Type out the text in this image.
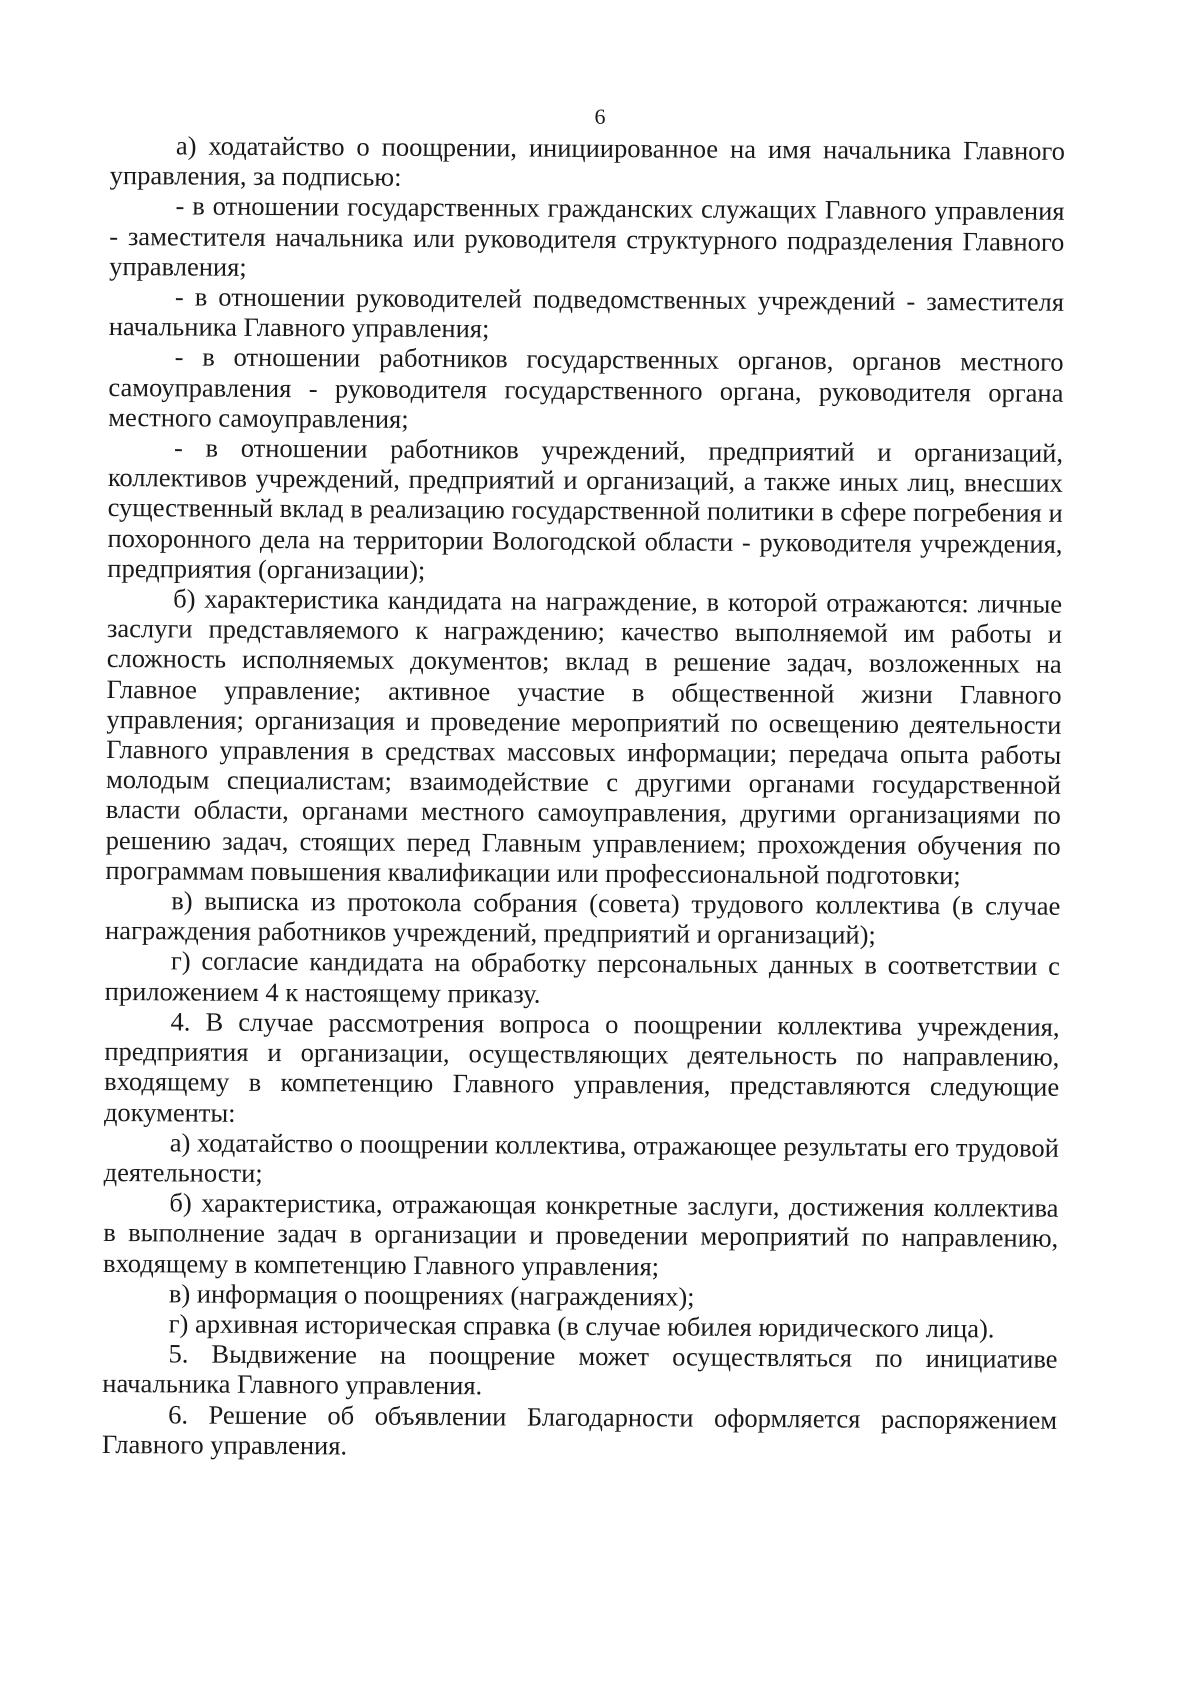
6

а) ходатайство о поощрении, инициированное на имя начальника Главного управления, за подписью:

- в отношении государственных гражданских служащих Главного управления - заместителя начальника или руководителя структурного подразделения Главного управления;

- в отношении руководителей подведомственных учреждений - заместителя начальника Главного управления;

- в отношении работников государственных органов, органов местного самоуправления - руководителя государственного органа, руководителя органа местного самоуправления;

- в отношении работников учреждений, предприятий и организаций, коллективов учреждений, предприятий и организаций, а также иных лиц, внесших существенный вклад в реализацию государственной политики в сфере погребения и похоронного дела на территории Вологодской области - руководителя учреждения, предприятия (организации);

б) характеристика кандидата на награждение, в которой отражаются: личные заслуги представляемого к награждению; качество выполняемой им работы и сложность исполняемых документов; вклад в решение задач, возложенных на Главное управление; активное участие в общественной жизни Главного управления; организация и проведение мероприятий по освещению деятельности Главного управления в средствах массовых информации; передача опыта работы молодым специалистам; взаимодействие с другими органами государственной власти области, органами местного самоуправления, другими организациями по решению задач, стоящих перед Главным управлением; прохождения обучения по программам повышения квалификации или профессиональной подготовки;

в) выписка из протокола собрания (совета) трудового коллектива (в случае награждения работников учреждений, предприятий и организаций);

г) согласие кандидата на обработку персональных данных в соответствии с приложением 4 к настоящему приказу.

4. В случае рассмотрения вопроса о поощрении коллектива учреждения, предприятия и организации, осуществляющих деятельность по направлению, входящему в компетенцию Главного управления, представляются следующие документы:

а) ходатайство о поощрении коллектива, отражающее результаты его трудовой деятельности;

б) характеристика, отражающая конкретные заслуги, достижения коллектива в выполнение задач в организации и проведении мероприятий по направлению, входящему в компетенцию Главного управления;

в) информация о поощрениях (награждениях);

г) архивная историческая справка (в случае юбилея юридического лица).

5. Выдвижение на поощрение может осуществляться по инициативе начальника Главного управления.

6. Решение об объявлении Благодарности оформляется распоряжением Главного управления.
